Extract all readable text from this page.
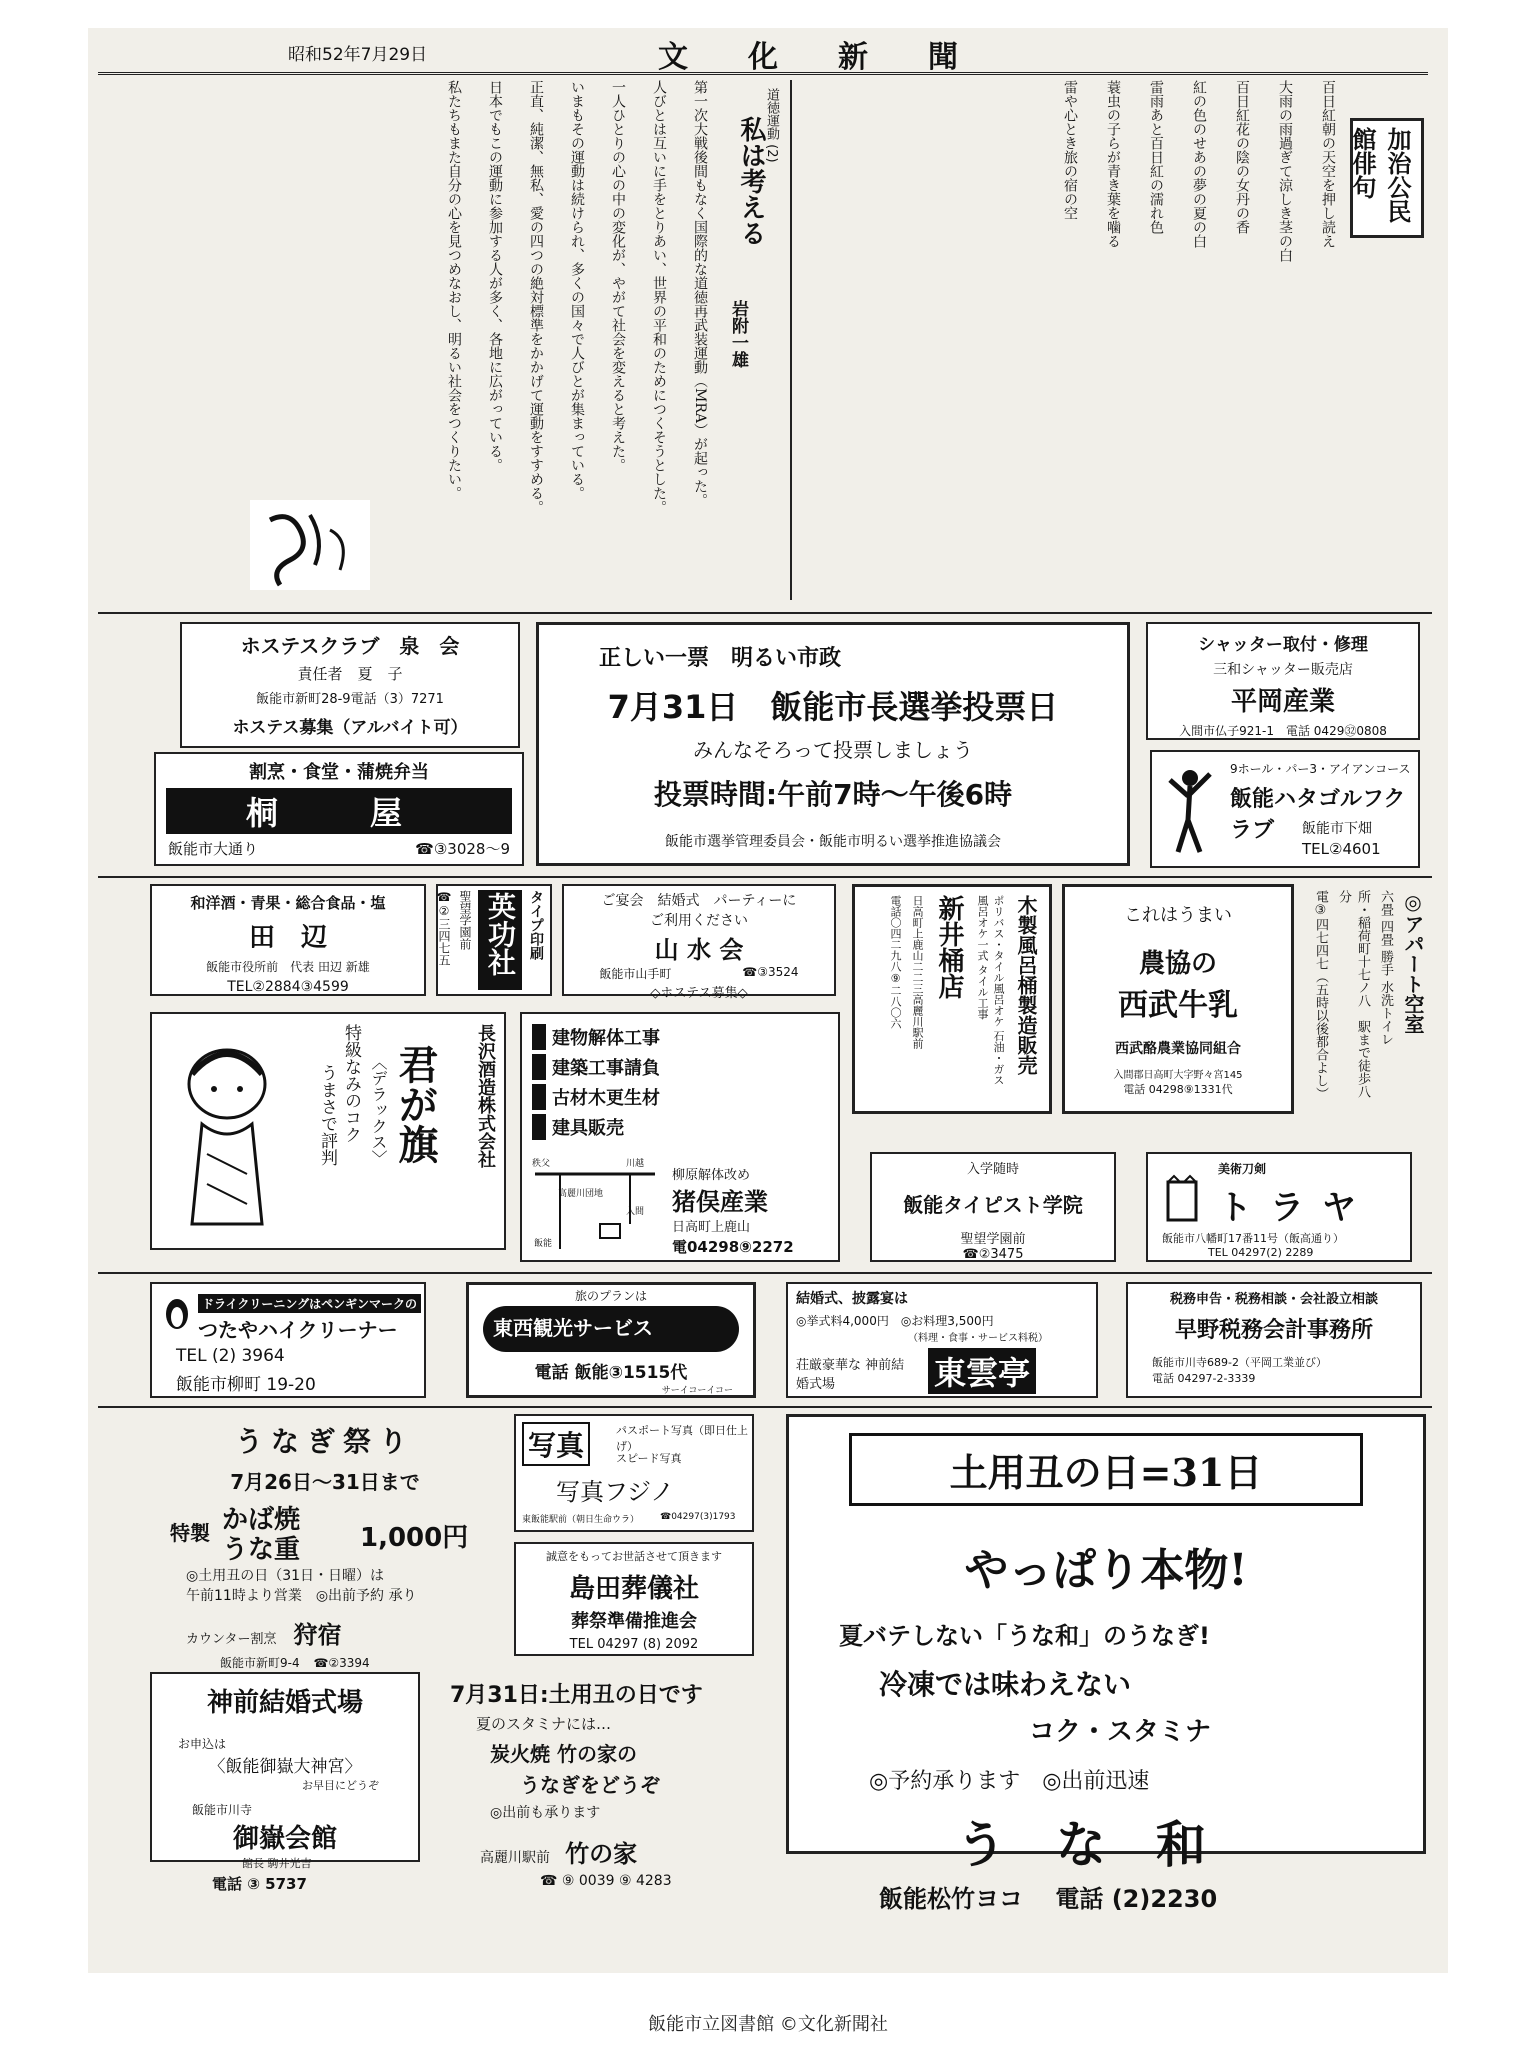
昭和52年7月29日	文化新聞
加治公民館俳句

百日紅朝の天空を押し読え

大雨の雨過ぎて涼しき茎の白

百日紅花の陰の女丹の香

紅の色のせあの夢の夏の白

雷雨あと百日紅の濡れ色

蓑虫の子らが青き葉を噛る

雷や心とき旅の宿の空

私は考える
道徳運動 (2)
岩附一雄

第一次大戦後間もなく国際的な道徳再武装運動（MRA）が起った。

人びとは互いに手をとりあい、世界の平和のためにつくそうとした。

一人ひとりの心の中の変化が、やがて社会を変えると考えた。

いまもその運動は続けられ、多くの国々で人びとが集まっている。

正直、純潔、無私、愛の四つの絶対標準をかかげて運動をすすめる。

日本でもこの運動に参加する人が多く、各地に広がっている。

私たちもまた自分の心を見つめなおし、明るい社会をつくりたい。

ホステスクラブ　泉　会
責任者　夏　子
飯能市新町28-9電話（3）7271
ホステス募集（アルバイト可）
割烹・食堂・蒲焼弁当
桐　屋
飯能市大通り	☎③3028〜9
正しい一票　明るい市政
7月31日　飯能市長選挙投票日
みんなそろって投票しましょう
投票時間:午前7時〜午後6時
飯能市選挙管理委員会・飯能市明るい選挙推進協議会
シャッター取付・修理
三和シャッター販売店
平岡産業
入間市仏子921-1　電話 0429㉜0808
9ホール・パー3・アイアンコース
飯能ハタゴルフクラブ	飯能市下畑
TEL②4601
和洋酒・青果・総合食品・塩
田　辺
飯能市役所前　代表 田辺 新雄
TEL②2884③4599
タイプ印刷
英功社
聖望学園前
☎②三四七五	ご宴会　結婚式　パーティーに
ご利用ください
山 水 会
飯能市山手町	☎③3524
◇ホステス募集◇	木製風呂桶製造販売
ポリバス・タイル風呂オケ 石油・ガス風呂オケ一式 タイル工事
新井桶店
日高町上鹿山二二三高麗川駅前
電話〇四二九八⑨二八〇六	これはうまい
農協の
西武牛乳
西武酪農業協同組合
入間郡日高町大字野々宮145
電話 04298⑨1331代
◎アパート空室
六畳 四畳 勝手 水洗トイレ
所・稲荷町十七ノ八　駅まで徒歩八分
電③四七四七（五時以後都合よし）
長沢酒造株式会社
君が旗
〈デラックス〉
特級なみのコク
うまさで評判
建物解体工事
建築工事請負
古材木更生材
建具販売
秩父	川越
高麗川団地
飯能
入間
柳原解体改め
猪俣産業
日高町上鹿山
電04298⑨2272
入学随時
飯能タイピスト学院
聖望学園前
☎②3475
美術刀剣
トラヤ
飯能市八幡町17番11号（飯高通り）
TEL 04297(2) 2289
ドライクリーニングはペンギンマークの
つたやハイクリーナー
TEL (2) 3964
飯能市柳町 19-20
旅のプランは
東西観光サービス
電話 飯能③1515代
サーイコーイコー
結婚式、披露宴は
◎挙式料4,000円　◎お料理3,500円
（料理・食事・サービス料税）
荘厳豪華な 神前結婚式場	東雲亭
税務申告・税務相談・会社設立相談
早野税務会計事務所
飯能市川寺689-2（平岡工業並び）
電話 04297-2-3339
うなぎ祭り
7月26日〜31日まで
特製 かば焼
うな重 1,000円
◎土用丑の日（31日・日曜）は
午前11時より営業　◎出前予約 承り
カウンター割烹 狩宿
飯能市新町9-4 ☎②3394
写真	パスポート写真（即日仕上げ）
スピード写真
写真フジノ
東飯能駅前（朝日生命ウラ） ☎04297(3)1793
誠意をもってお世話させて頂きます
島田葬儀社
葬祭準備推進会
TEL 04297 (8) 2092
土用丑の日=31日
やっぱり本物!
夏バテしない「うな和」のうなぎ!
冷凍では味わえない
コク・スタミナ
◎予約承ります　◎出前迅速
うな和
飯能松竹ヨコ 電話 (2)2230
神前結婚式場
お申込は
〈飯能御嶽大神宮〉
お早目にどうぞ
飯能市川寺
御嶽会館
館長 駒井光吉
電話 ③ 5737
7月31日:土用丑の日です
夏のスタミナには…
炭火焼 竹の家の
うなぎをどうぞ
◎出前も承ります
高麗川駅前 竹の家
☎ ⑨ 0039 ⑨ 4283
飯能市立図書館 ©文化新聞社
